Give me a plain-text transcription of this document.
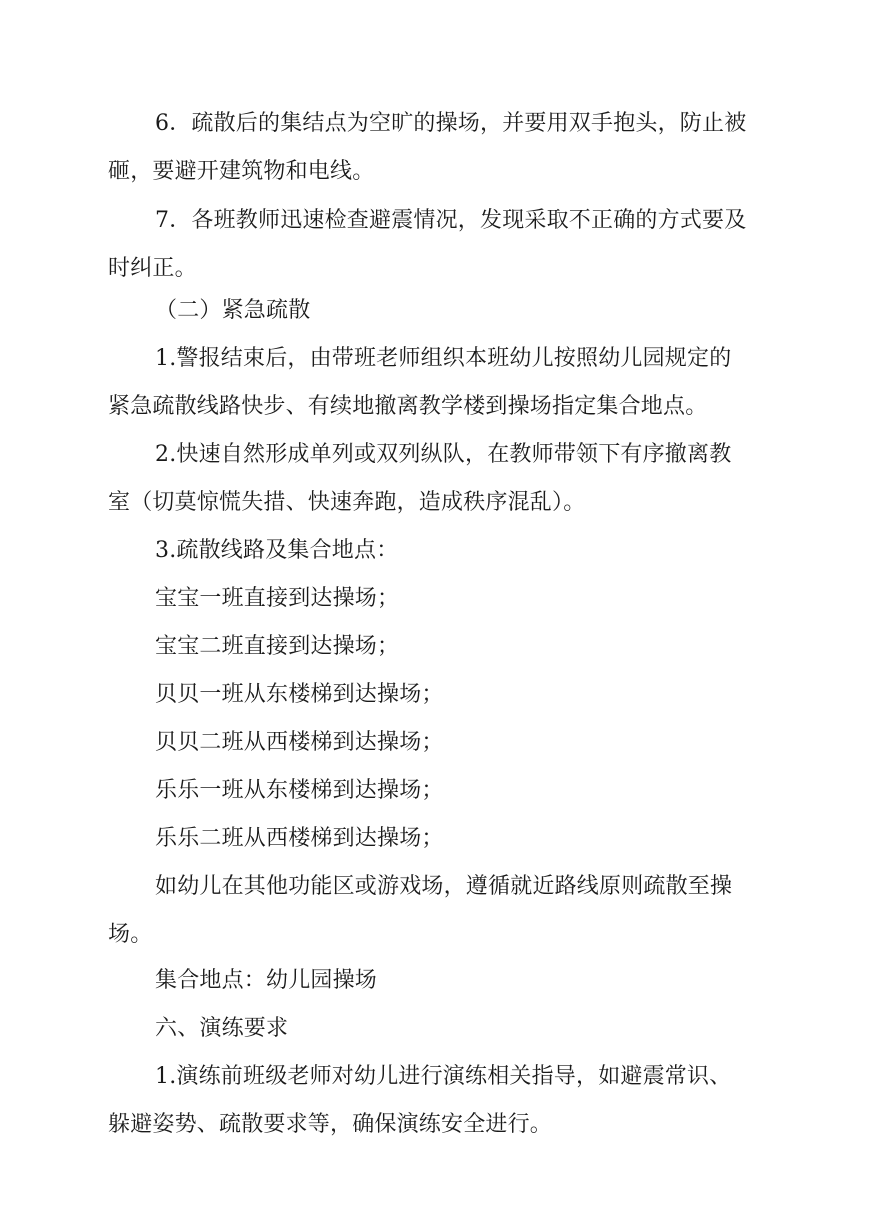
6．疏散后的集结点为空旷的操场，并要用双手抱头，防止被
砸，要避开建筑物和电线。
7．各班教师迅速检查避震情况，发现采取不正确的方式要及
时纠正。
（二）紧急疏散
1.警报结束后，由带班老师组织本班幼儿按照幼儿园规定的
紧急疏散线路快步、有续地撤离教学楼到操场指定集合地点。
2.快速自然形成单列或双列纵队，在教师带领下有序撤离教
室（切莫惊慌失措、快速奔跑，造成秩序混乱）。
3.疏散线路及集合地点：
宝宝一班直接到达操场；
宝宝二班直接到达操场；
贝贝一班从东楼梯到达操场；
贝贝二班从西楼梯到达操场；
乐乐一班从东楼梯到达操场；
乐乐二班从西楼梯到达操场；
如幼儿在其他功能区或游戏场，遵循就近路线原则疏散至操
场。
集合地点：幼儿园操场
六、演练要求
1.演练前班级老师对幼儿进行演练相关指导，如避震常识、
躲避姿势、疏散要求等，确保演练安全进行。
